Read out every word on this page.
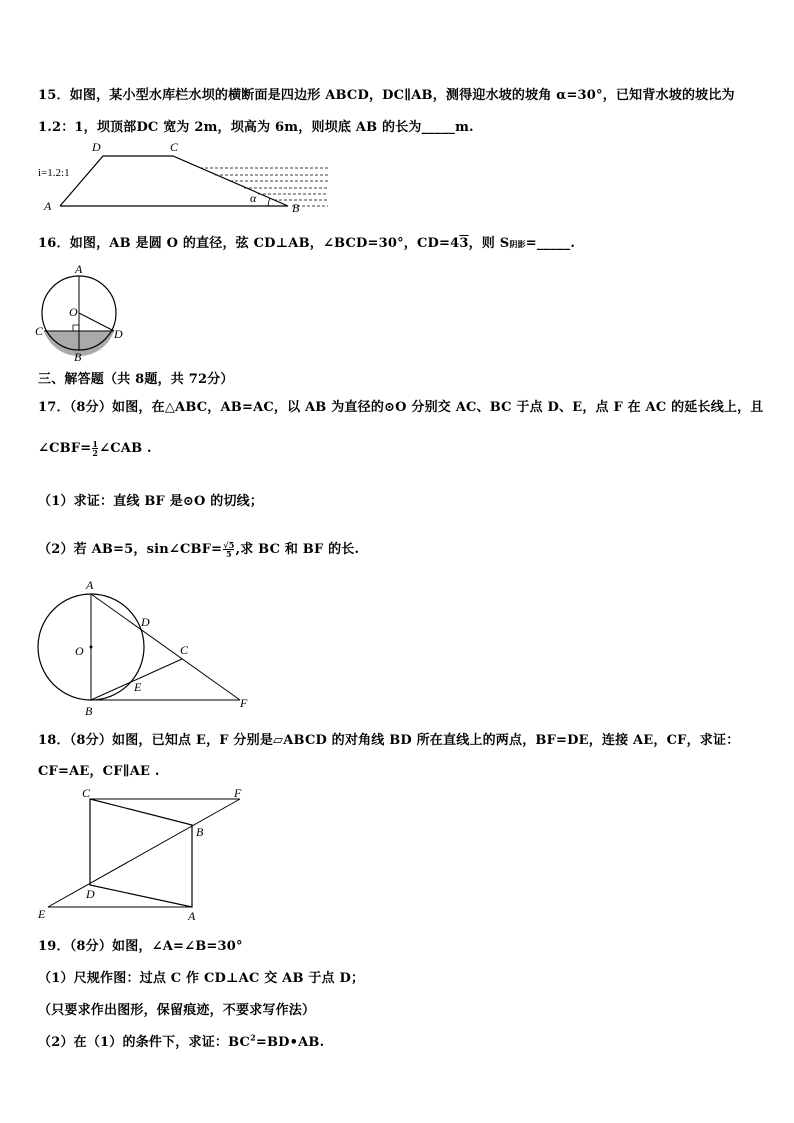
15．如图，某小型水库栏水坝的横断面是四边形 ABCD，DC∥AB，测得迎水坡的坡角 α=30°，已知背水坡的坡比为
1.2：1，坝顶部DC 宽为 2m，坝高为 6m，则坝底 AB 的长为_____m.
D	C
A	B
i=1.2:1
α
16．如图，AB 是圆 O 的直径，弦 CD⊥AB，∠BCD=30°，CD=43，则 S阴影=_____.
A
O
C	D
B
三、解答题（共 8题，共 72分）
17．（8分）如图，在△ABC，AB=AC，以 AB 为直径的⊙O 分别交 AC、BC 于点 D、E，点 F 在 AC 的延长线上，且
∠CBF= $\frac{1}{2}$ ∠CAB .
（1）求证：直线 BF 是⊙O 的切线；
（2）若 AB=5，sin∠CBF= $\frac{√5}{5}$ ,求 BC 和 BF 的长.
A
D
O	C
E
B
F
18．（8分）如图，已知点 E，F 分别是▱ABCD 的对角线 BD 所在直线上的两点，BF=DE，连接 AE，CF，求证：
CF=AE，CF∥AE .
C	F
B
D
E	A
19．（8分）如图，∠A=∠B=30°
（1）尺规作图：过点 C 作 CD⊥AC 交 AB 于点 D；
（只要求作出图形，保留痕迹，不要求写作法）
（2）在（1）的条件下，求证：$BC^2=BD•AB$.
